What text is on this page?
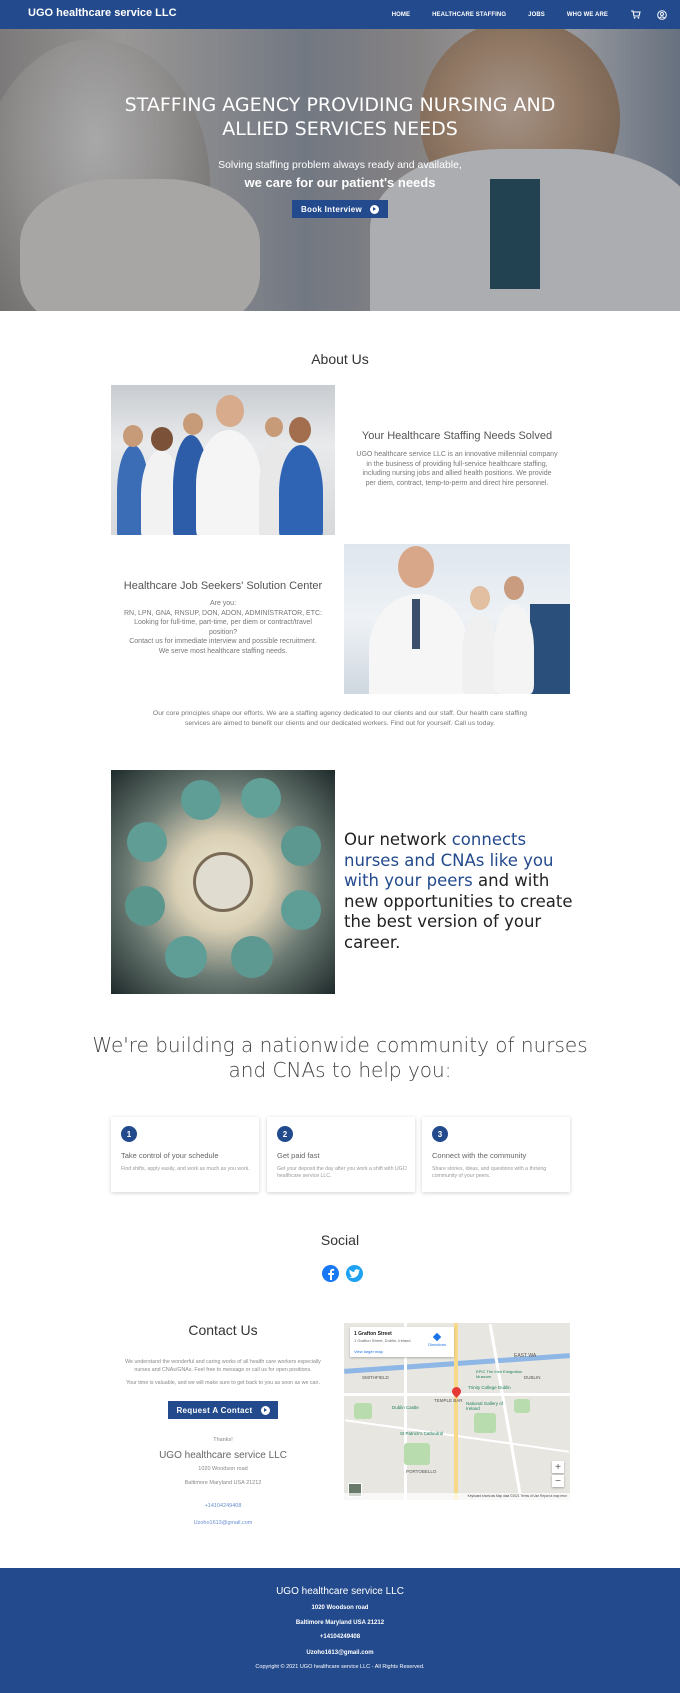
UGO healthcare service LLC	HOME	HEALTHCARE STAFFING	JOBS	WHO WE ARE
STAFFING AGENCY PROVIDING NURSING AND
ALLIED SERVICES NEEDS
Solving staffing problem always ready and available,
we care for our patient's needs
Book Interview
About Us
Your Healthcare Staffing Needs Solved
UGO healthcare service LLC is an innovative millennial company
in the business of providing full-service healthcare staffing,
including nursing jobs and allied health positions. We provide
per diem, contract, temp-to-perm and direct hire personnel.
Healthcare Job Seekers' Solution Center
Are you:
RN, LPN, GNA, RNSUP, DON, ADON, ADMINISTRATOR, ETC:
Looking for full-time, part-time, per diem or contract/travel
position?
Contact us for immediate interview and possible recruitment.
We serve most healthcare staffing needs.
Our core principles shape our efforts. We are a staffing agency dedicated to our clients and our staff. Our health care staffing
services are aimed to benefit our clients and our dedicated workers. Find out for yourself. Call us today.
Our network connects nurses and CNAs like you with your peers and with new opportunities to create the best version of your career.
We're building a nationwide community of nurses
and CNAs to help you:
1
Take control of your schedule
Find shifts, apply easily, and work as much as you work.
2
Get paid fast
Get your deposit the day after you work a shift with UGO healthcare service LLC.
3
Connect with the community
Share stories, ideas, and questions with a thriving community of your peers.
Social
Contact Us
We understand the wonderful and caring works of all health care workers especially
nurses and CNAs/GNAs. Feel free to message or call us for open positions.
Your time is valuable, and we will make sure to get back to you as soon as we can.
Request A Contact
Thanks!
UGO healthcare service LLC
1020 Woodson road
Baltimore Maryland USA 21212
+14104249408
Uzoho1613@gmail.com
EAST WA
SMITHFIELD
TEMPLE BAR
PORTOBELLO
Dublin Castle
National Gallery of Ireland
St Patrick's Cathedral
Trinity College Dublin
EPIC The Irish Emigration Museum	DUBLIN
1 Grafton Street
1 Grafton Street, Dublin, Ireland
View larger map
Directions
+
−
Keyboard shortcuts Map data ©2021 Terms of Use Report a map error
UGO healthcare service LLC
1020 Woodson road
Baltimore Maryland USA 21212
+14104249408
Uzoho1613@gmail.com
Copyright © 2021 UGO healthcare service LLC - All Rights Reserved.
